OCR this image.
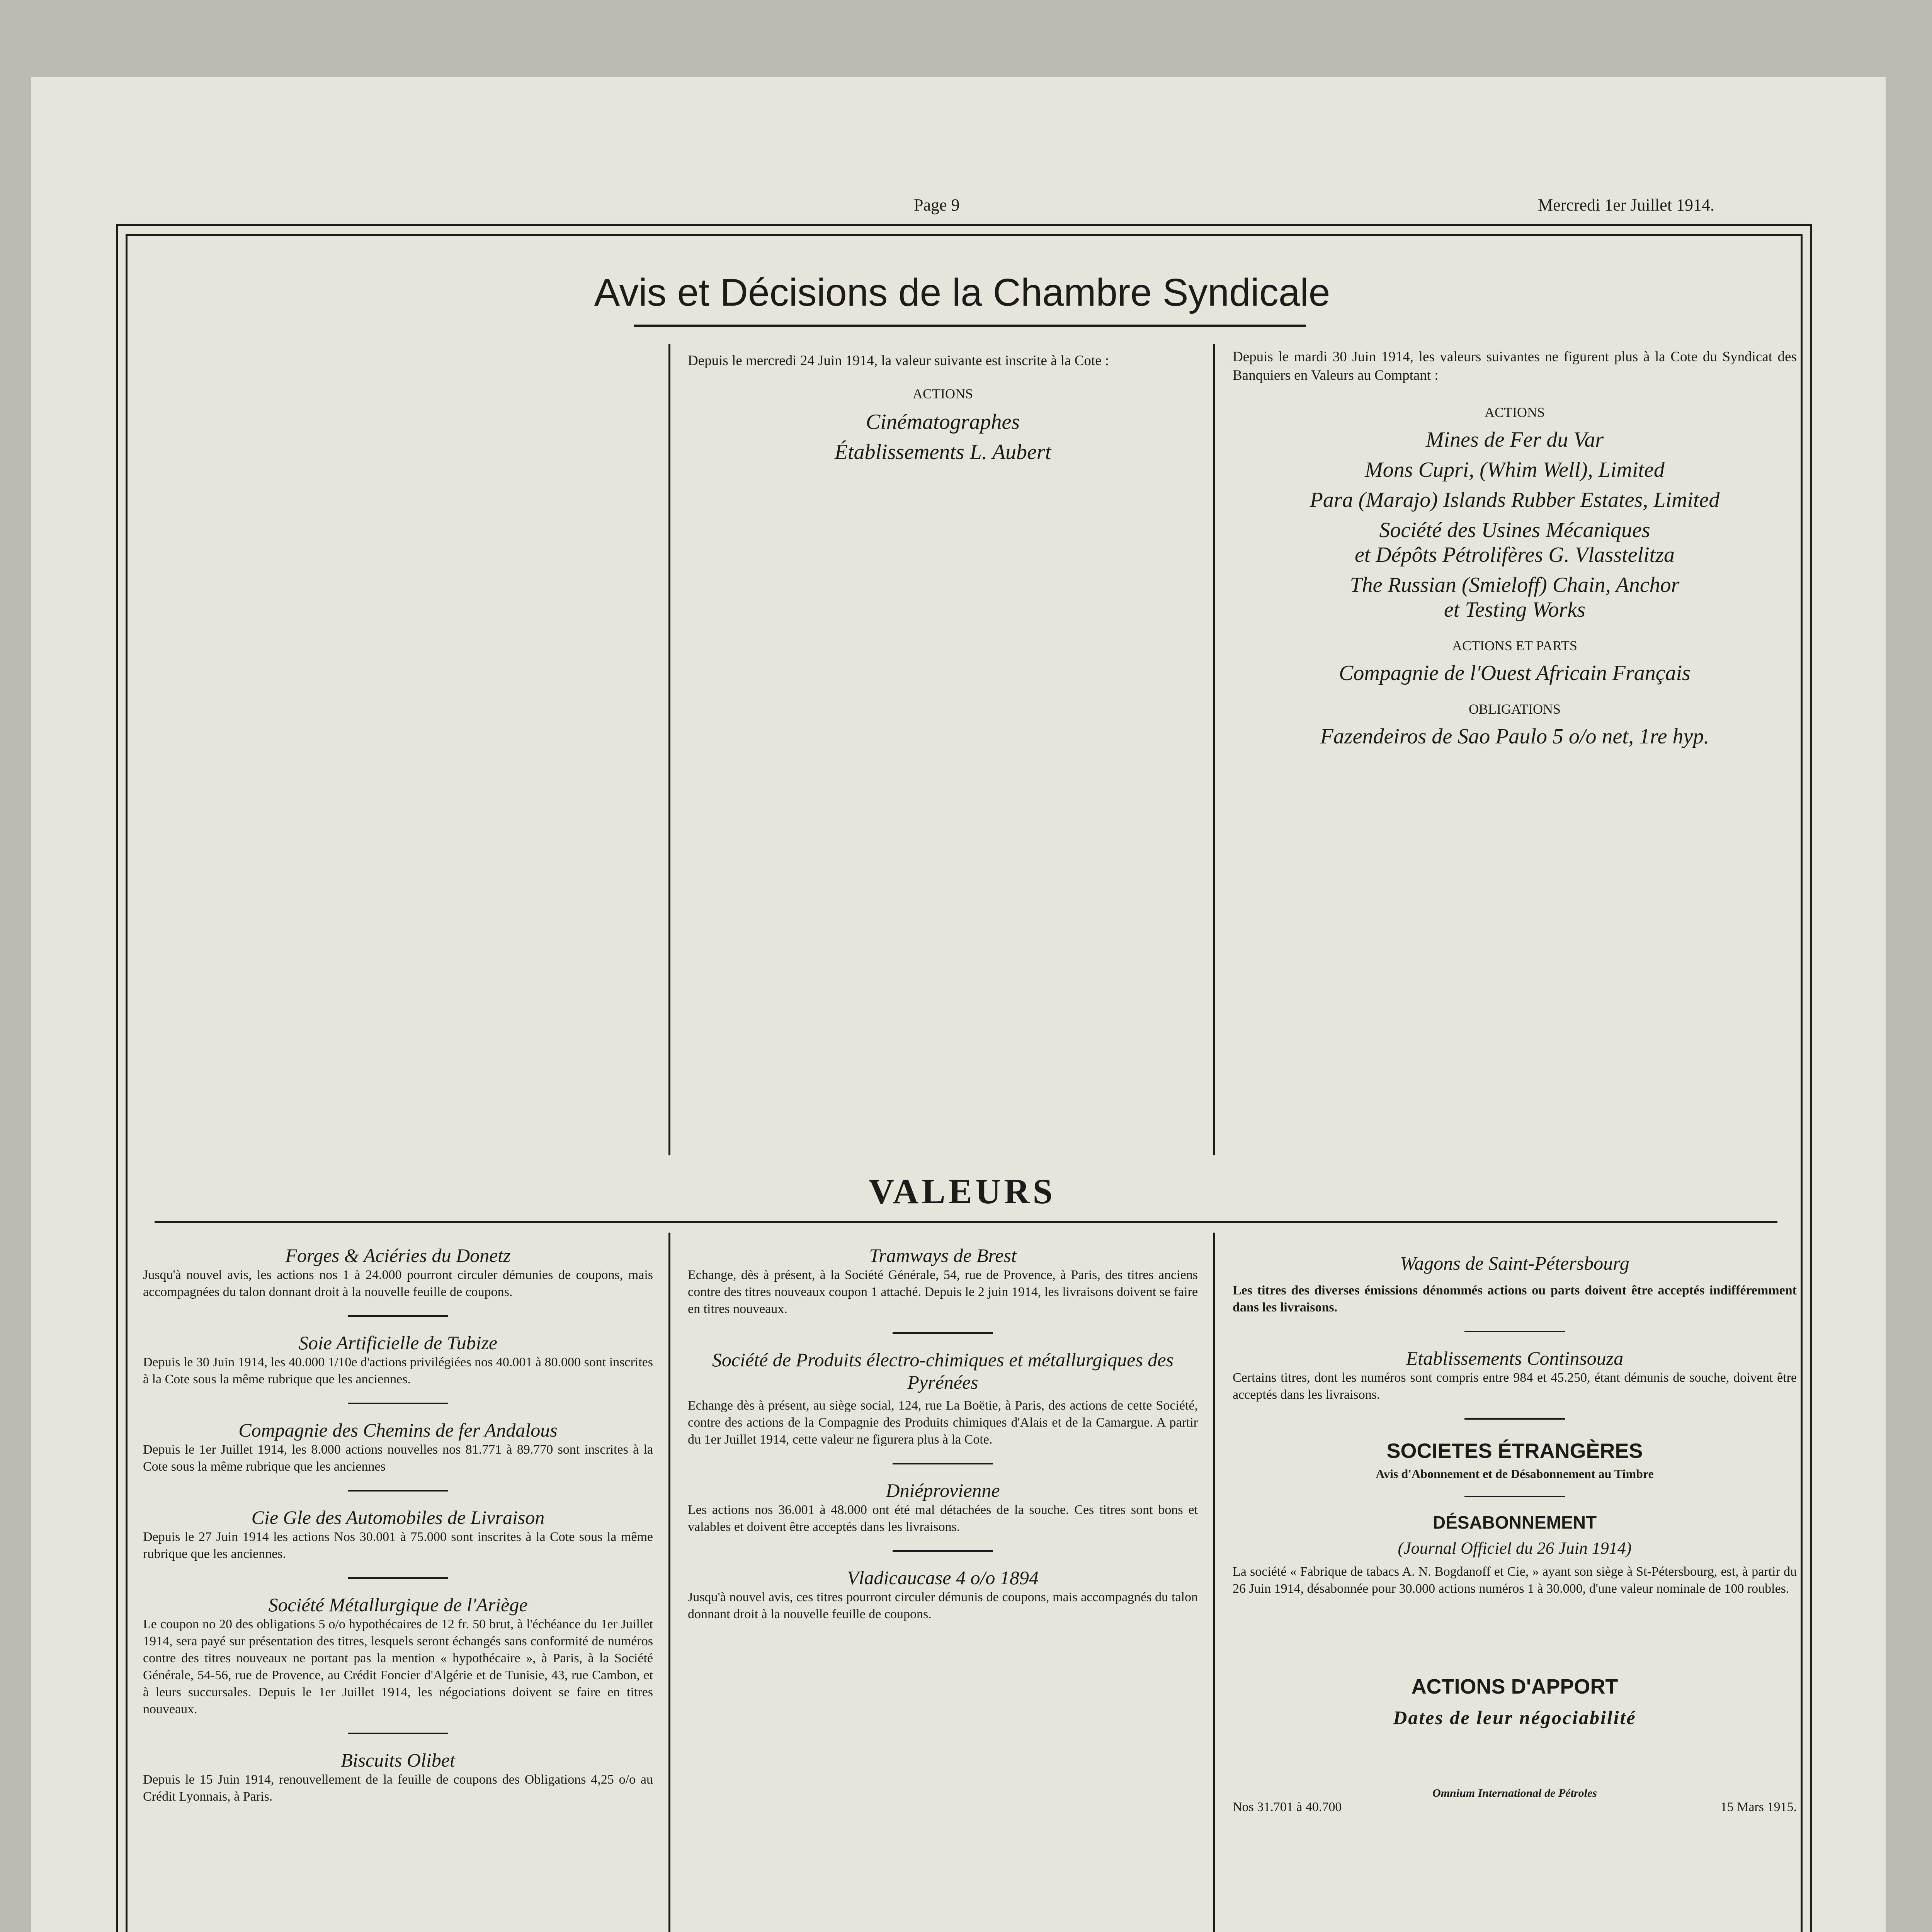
Page 9	Mercredi 1er Juillet 1914.
Avis et Décisions de la Chambre Syndicale
Depuis le mercredi 24 Juin 1914, la valeur suivante est inscrite à la Cote :
ACTIONS
Cinématographes
Établissements L. Aubert
Depuis le mardi 30 Juin 1914, les valeurs suivantes ne figurent plus à la Cote du Syndicat des Banquiers en Valeurs au Comptant :
ACTIONS
Mines de Fer du Var
Mons Cupri, (Whim Well), Limited
Para (Marajo) Islands Rubber Estates, Limited
Société des Usines Mécaniques
et Dépôts Pétrolifères G. Vlasstelitza
The Russian (Smieloff) Chain, Anchor
et Testing Works
ACTIONS ET PARTS
Compagnie de l'Ouest Africain Français
OBLIGATIONS
Fazendeiros de Sao Paulo 5 o/o net, 1re hyp.
VALEURS
Forges & Aciéries du Donetz
Jusqu'à nouvel avis, les actions nos 1 à 24.000 pourront circuler démunies de coupons, mais accompagnées du talon donnant droit à la nouvelle feuille de coupons.
Soie Artificielle de Tubize
Depuis le 30 Juin 1914, les 40.000 1/10e d'actions privilégiées nos 40.001 à 80.000 sont inscrites à la Cote sous la même rubrique que les anciennes.
Compagnie des Chemins de fer Andalous
Depuis le 1er Juillet 1914, les 8.000 actions nouvelles nos 81.771 à 89.770 sont inscrites à la Cote sous la même rubrique que les anciennes
Cie Gle des Automobiles de Livraison
Depuis le 27 Juin 1914 les actions Nos 30.001 à 75.000 sont inscrites à la Cote sous la même rubrique que les anciennes.
Société Métallurgique de l'Ariège
Le coupon no 20 des obligations 5 o/o hypothécaires de 12 fr. 50 brut, à l'échéance du 1er Juillet 1914, sera payé sur présentation des titres, lesquels seront échangés sans conformité de numéros contre des titres nouveaux ne portant pas la mention « hypothécaire », à Paris, à la Société Générale, 54-56, rue de Provence, au Crédit Foncier d'Algérie et de Tunisie, 43, rue Cambon, et à leurs succursales. Depuis le 1er Juillet 1914, les négociations doivent se faire en titres nouveaux.
Biscuits Olibet
Depuis le 15 Juin 1914, renouvellement de la feuille de coupons des Obligations 4,25 o/o au Crédit Lyonnais, à Paris.
Tramways de Brest
Echange, dès à présent, à la Société Générale, 54, rue de Provence, à Paris, des titres anciens contre des titres nouveaux coupon 1 attaché. Depuis le 2 juin 1914, les livraisons doivent se faire en titres nouveaux.
Société de Produits électro-chimiques et métallurgiques des Pyrénées
Echange dès à présent, au siège social, 124, rue La Boëtie, à Paris, des actions de cette Société, contre des actions de la Compagnie des Produits chimiques d'Alais et de la Camargue. A partir du 1er Juillet 1914, cette valeur ne figurera plus à la Cote.
Dniéprovienne
Les actions nos 36.001 à 48.000 ont été mal détachées de la souche. Ces titres sont bons et valables et doivent être acceptés dans les livraisons.
Vladicaucase 4 o/o 1894
Jusqu'à nouvel avis, ces titres pourront circuler démunis de coupons, mais accompagnés du talon donnant droit à la nouvelle feuille de coupons.
Wagons de Saint-Pétersbourg
Les titres des diverses émissions dénommés actions ou parts doivent être acceptés indifféremment dans les livraisons.
Etablissements Continsouza
Certains titres, dont les numéros sont compris entre 984 et 45.250, étant démunis de souche, doivent être acceptés dans les livraisons.
SOCIETES ÉTRANGÈRES
Avis d'Abonnement et de Désabonnement au Timbre
DÉSABONNEMENT
(Journal Officiel du 26 Juin 1914)
La société « Fabrique de tabacs A. N. Bogdanoff et Cie, » ayant son siège à St-Pétersbourg, est, à partir du 26 Juin 1914, désabonnée pour 30.000 actions numéros 1 à 30.000, d'une valeur nominale de 100 roubles.
ACTIONS D'APPORT
Dates de leur négociabilité
Omnium International de Pétroles
Nos 31.701 à 40.700	15 Mars 1915.
